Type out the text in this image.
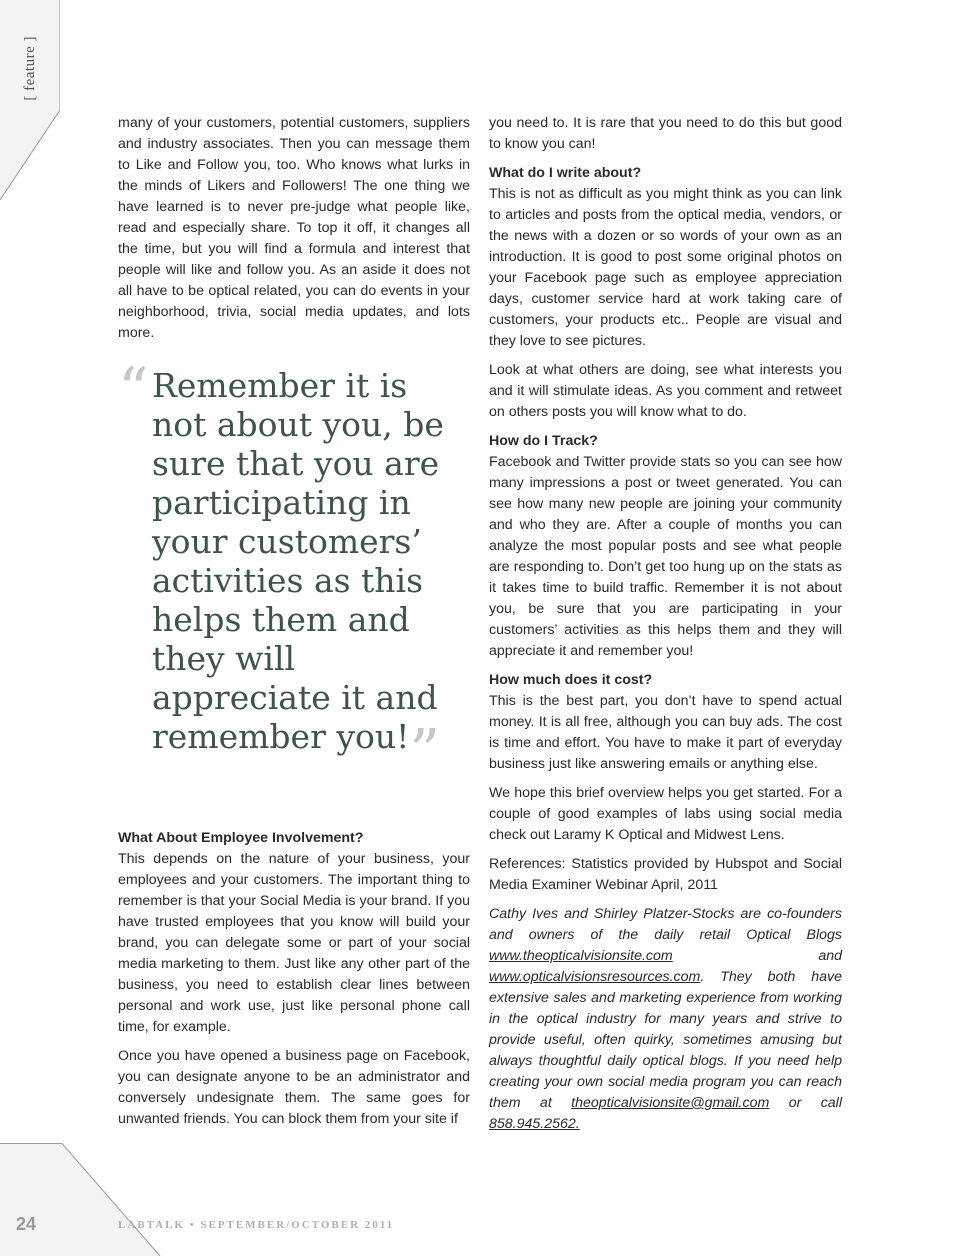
[ feature ]

many of your customers, potential customers, suppliers and industry associates. Then you can message them to Like and Follow you, too. Who knows what lurks in the minds of Likers and Followers! The one thing we have learned is to never pre-judge what people like, read and especially share. To top it off, it changes all the time, but you will find a formula and interest that people will like and follow you. As an aside it does not all have to be optical related, you can do events in your neighborhood, trivia, social media updates, and lots more.

“ Remember it is not about you, be sure that you are participating in your customers’ activities as this helps them and they will appreciate it and remember you!”
What About Employee Involvement?

This depends on the nature of your business, your employees and your customers. The important thing to remember is that your Social Media is your brand. If you have trusted employees that you know will build your brand, you can delegate some or part of your social media marketing to them. Just like any other part of the business, you need to establish clear lines between personal and work use, just like personal phone call time, for example.

Once you have opened a business page on Facebook, you can designate anyone to be an administrator and conversely undesignate them. The same goes for unwanted friends. You can block them from your site if

you need to. It is rare that you need to do this but good to know you can!

What do I write about?

This is not as difficult as you might think as you can link to articles and posts from the optical media, vendors, or the news with a dozen or so words of your own as an introduction. It is good to post some original photos on your Facebook page such as employee appreciation days, customer service hard at work taking care of customers, your products etc.. People are visual and they love to see pictures.

Look at what others are doing, see what interests you and it will stimulate ideas. As you comment and retweet on others posts you will know what to do.

How do I Track?

Facebook and Twitter provide stats so you can see how many impressions a post or tweet generated. You can see how many new people are joining your community and who they are. After a couple of months you can analyze the most popular posts and see what people are responding to. Don’t get too hung up on the stats as it takes time to build traffic. Remember it is not about you, be sure that you are participating in your customers’ activities as this helps them and they will appreciate it and remember you!

How much does it cost?

This is the best part, you don’t have to spend actual money. It is all free, although you can buy ads. The cost is time and effort. You have to make it part of everyday business just like answering emails or anything else.

We hope this brief overview helps you get started. For a couple of good examples of labs using social media check out Laramy K Optical and Midwest Lens.

References: Statistics provided by Hubspot and Social Media Examiner Webinar April, 2011

Cathy Ives and Shirley Platzer-Stocks are co-founders and owners of the daily retail Optical Blogs www.theopticalvisionsite.com and www.opticalvisionsresources.com. They both have extensive sales and marketing experience from working in the optical industry for many years and strive to provide useful, often quirky, sometimes amusing but always thoughtful daily optical blogs. If you need help creating your own social media program you can reach them at theopticalvisionsite@gmail.com or call 858.945.2562.

24	LABTALK • SEPTEMBER/OCTOBER 2011
